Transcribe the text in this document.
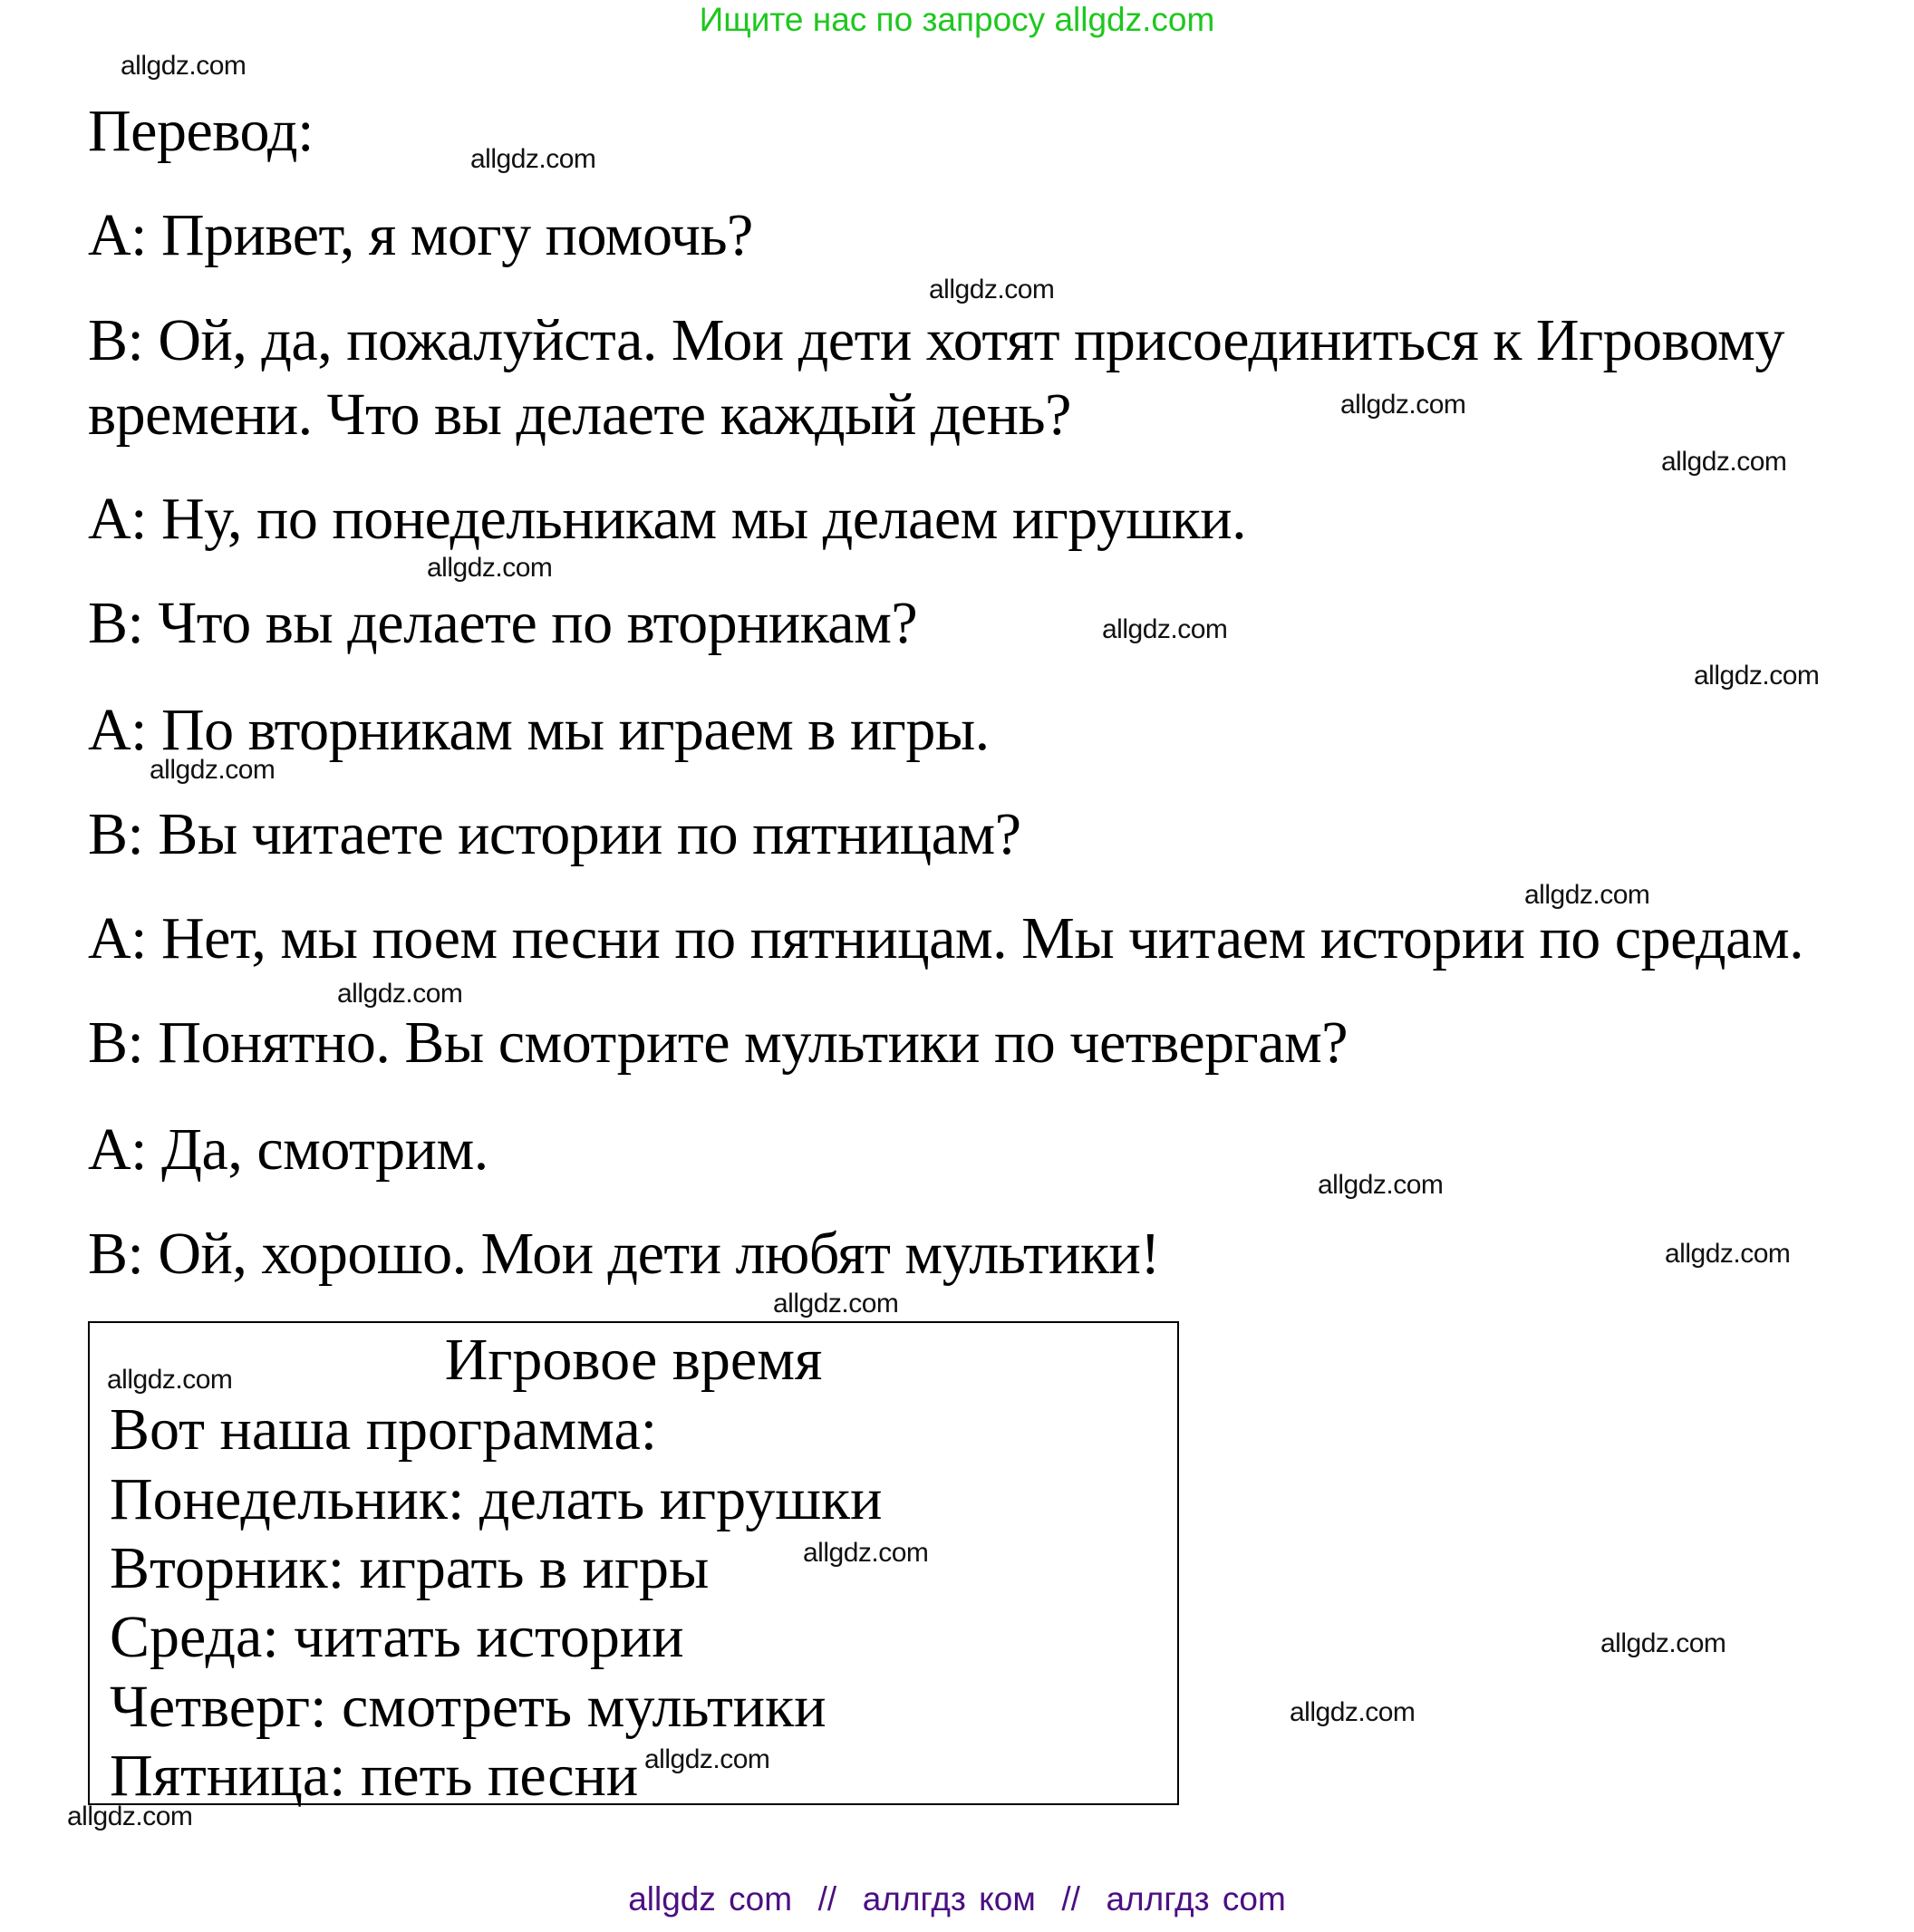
Ищите нас по запросу allgdz.com
Перевод:
A: Привет, я могу помочь?
B: Ой, да, пожалуйста. Мои дети хотят присоединиться к Игровому
времени. Что вы делаете каждый день?
A: Ну, по понедельникам мы делаем игрушки.
B: Что вы делаете по вторникам?
A: По вторникам мы играем в игры.
B: Вы читаете истории по пятницам?
A: Нет, мы поем песни по пятницам. Мы читаем истории по средам.
B: Понятно. Вы смотрите мультики по четвергам?
A: Да, смотрим.
B: Ой, хорошо. Мои дети любят мультики!
Игровое время
Вот наша программа:
Понедельник: делать игрушки
Вторник: играть в игры
Среда: читать истории
Четверг: смотреть мультики
Пятница: петь песни
allgdz.com
allgdz.com
allgdz.com
allgdz.com
allgdz.com
allgdz.com
allgdz.com
allgdz.com
allgdz.com
allgdz.com
allgdz.com
allgdz.com
allgdz.com
allgdz.com
allgdz.com
allgdz.com
allgdz.com
allgdz.com
allgdz.com
allgdz.com
allgdz com  //  аллгдз ком  //  аллгдз com
